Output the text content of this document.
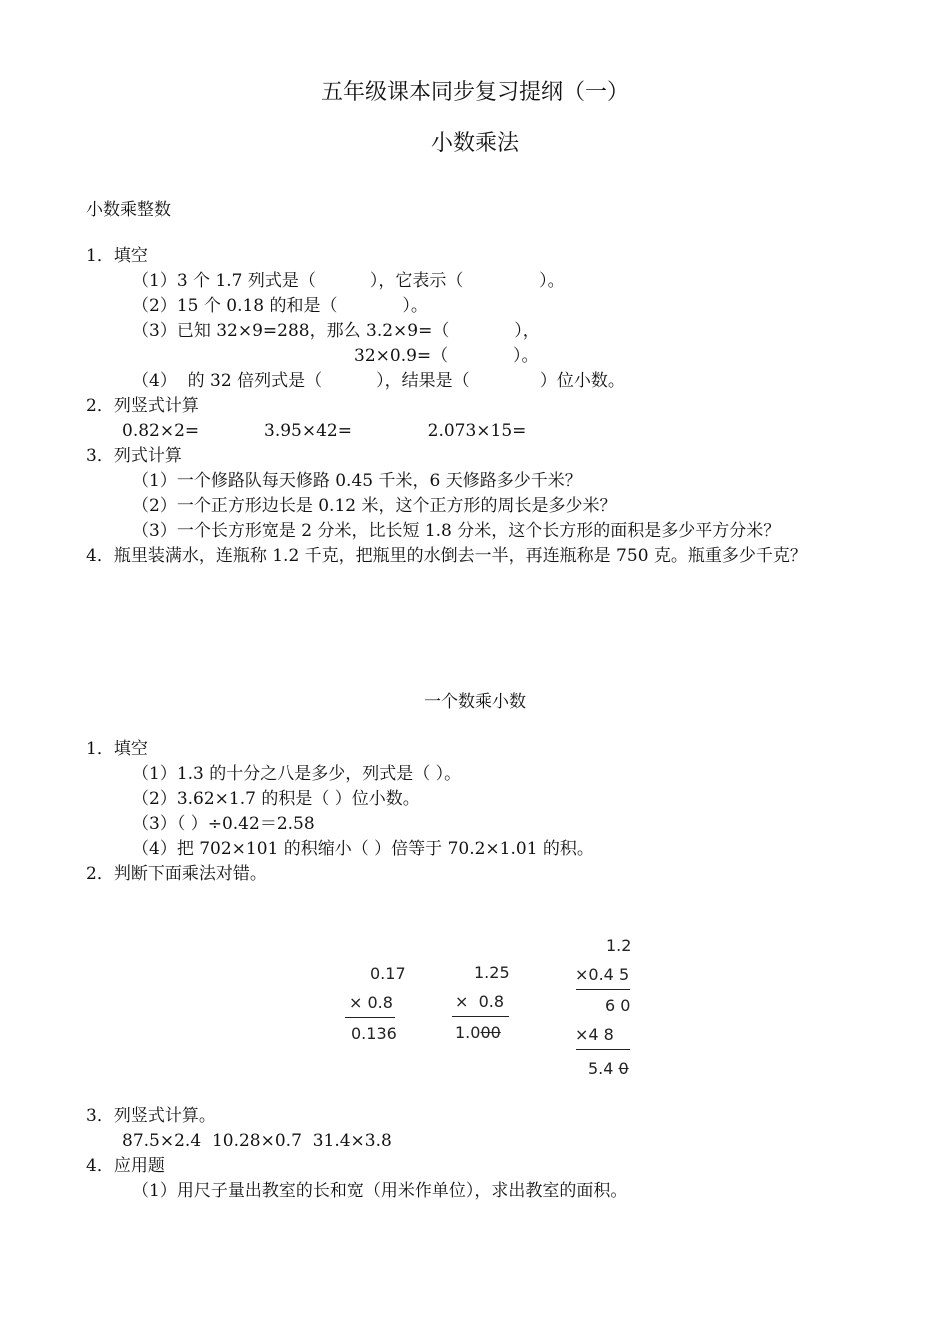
五年级课本同步复习提纲（一）
小数乘法
小数乘整数
1．填空
（1）3 个 1.7 列式是（          ），它表示（              ）。
（2）15 个 0.18 的和是（            ）。
（3）已知 32×9=288，那么 3.2×9=（            ），
32×0.9=（            ）。
（4）  的 32 倍列式是（          ），结果是（             ）位小数。
2．列竖式计算
0.82×2=            3.95×42=              2.073×15=
3．列式计算
（1）一个修路队每天修路 0.45 千米，6 天修路多少千米？
（2）一个正方形边长是 0.12 米，这个正方形的周长是多少米？
（3）一个长方形宽是 2 分米，比长短 1.8 分米，这个长方形的面积是多少平方分米？
4．瓶里装满水，连瓶称 1.2 千克，把瓶里的水倒去一半，再连瓶称是 750 克。瓶重多少千克？
一个数乘小数
1．填空
（1）1.3 的十分之八是多少，列式是（ ）。
（2）3.62×1.7 的积是（ ）位小数。
（3）（ ）÷0.42＝2.58
（4）把 702×101 的积缩小（ ）倍等于 70.2×1.01 的积。
2．判断下面乘法对错。
0.17
× 0.8
0.136
1.25
×  0.8
1.000
1.2
×0.4 5
6 0
×4 8
5.4 0
3．列竖式计算。
87.5×2.4  10.28×0.7  31.4×3.8
4．应用题
（1）用尺子量出教室的长和宽（用米作单位），求出教室的面积。
